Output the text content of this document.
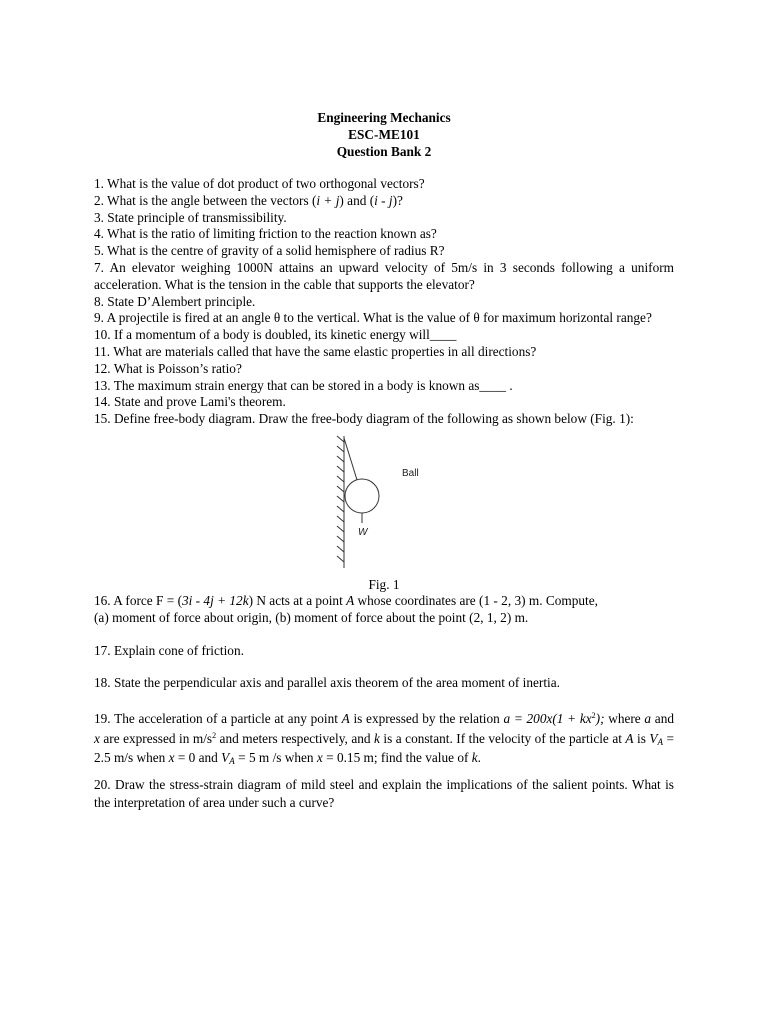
Engineering Mechanics
ESC-ME101
Question Bank 2
1. What is the value of dot product of two orthogonal vectors?
2. What is the angle between the vectors (i + j) and (i - j)?
3. State principle of transmissibility.
4. What is the ratio of limiting friction to the reaction known as?
5. What is the centre of gravity of a solid hemisphere of radius R?
7. An elevator weighing 1000N attains an upward velocity of 5m/s in 3 seconds following a uniform acceleration. What is the tension in the cable that supports the elevator?
8. State D’Alembert principle.
9. A projectile is fired at an angle θ to the vertical. What is the value of θ for maximum horizontal range?
10. If a momentum of a body is doubled, its kinetic energy will____
11. What are materials called that have the same elastic properties in all directions?
12. What is Poisson’s ratio?
13. The maximum strain energy that can be stored in a body is known as____ .
14. State and prove Lami's theorem.
15. Define free-body diagram. Draw the free-body diagram of the following as shown below (Fig. 1):
Ball
W
Fig. 1
16. A force F = (3i - 4j + 12k) N acts at a point A whose coordinates are (1 - 2, 3) m. Compute,
(a) moment of force about origin, (b) moment of force about the point (2, 1, 2) m.
17. Explain cone of friction.
18. State the perpendicular axis and parallel axis theorem of the area moment of inertia.
19. The acceleration of a particle at any point A is expressed by the relation $a = 200x(1 + kx^2)$; where a and x are expressed in $m/s^2$ and meters respectively, and k is a constant. If the velocity of the particle at A is $V_A = 2.5$ m/s when x = 0 and $V_A = 5$ m /s when x = 0.15 m; find the value of k.
20. Draw the stress-strain diagram of mild steel and explain the implications of the salient points. What is the interpretation of area under such a curve?
